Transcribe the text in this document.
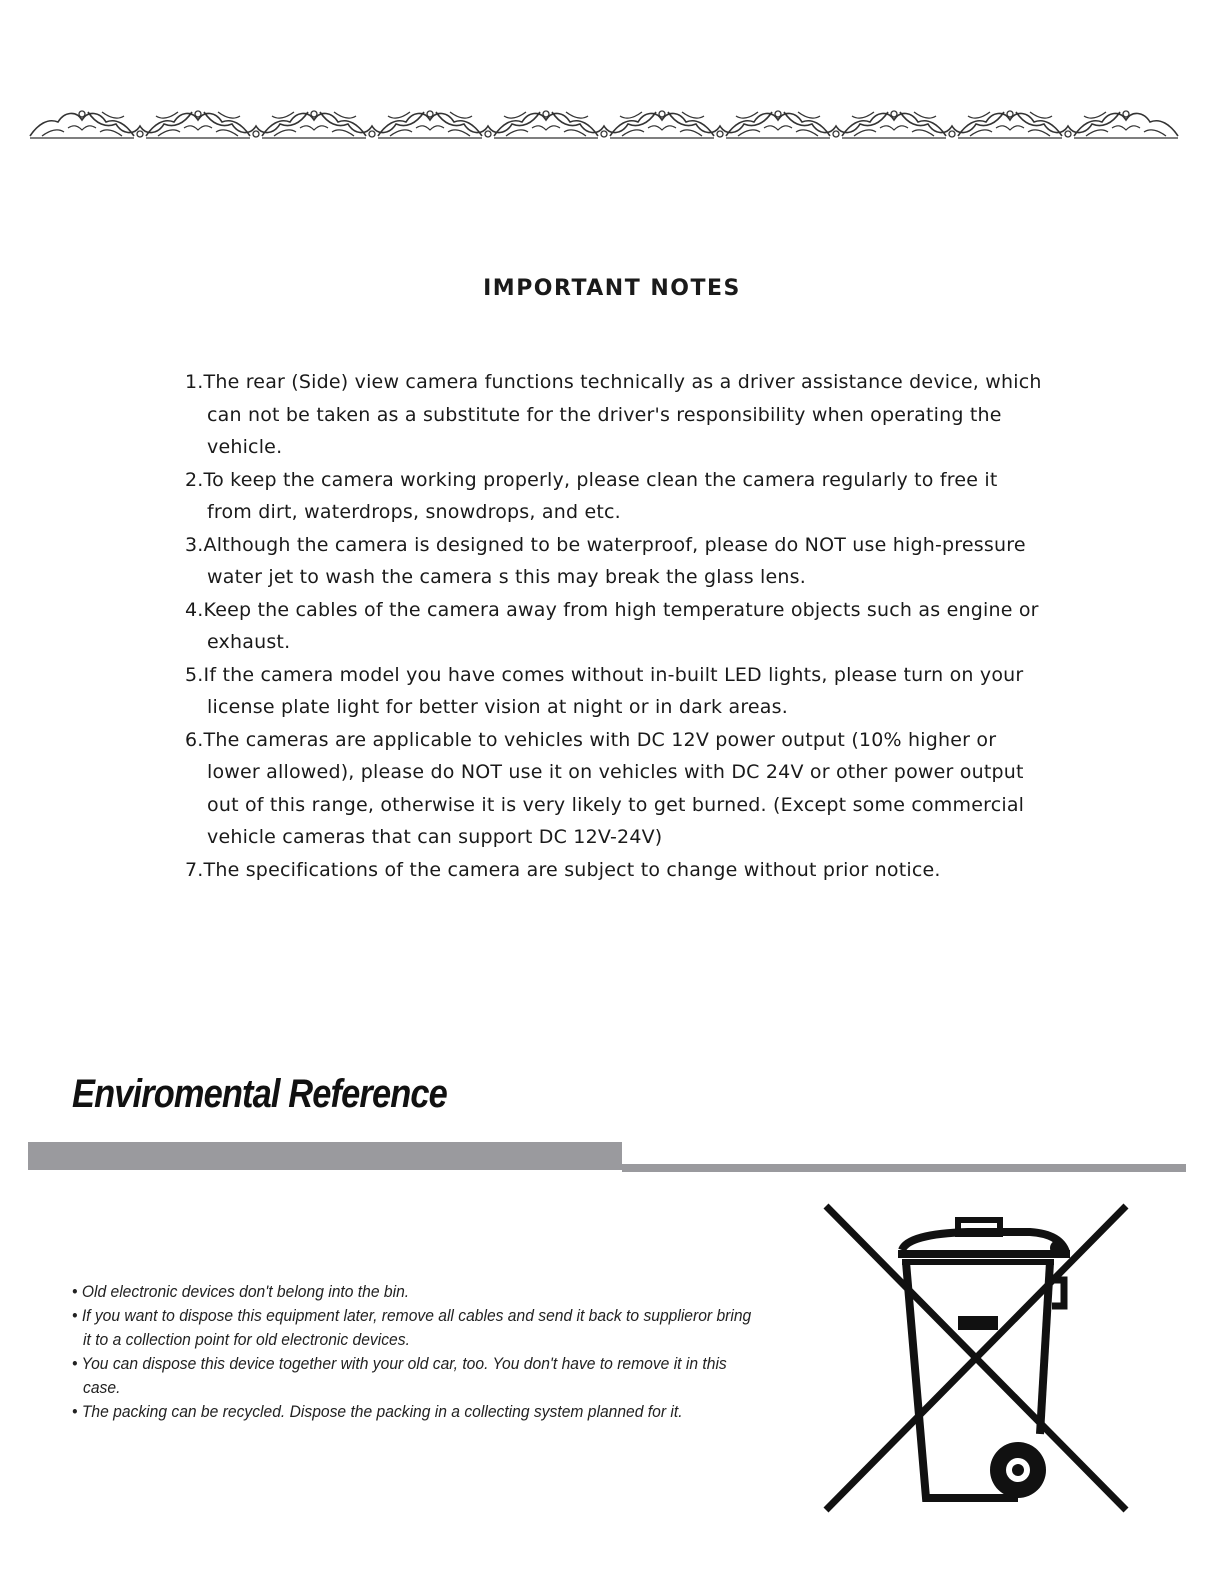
IMPORTANT NOTES
1.The rear (Side) view camera functions technically as a driver assistance device, which can not be taken as a substitute for the driver's responsibility when operating the vehicle.
2.To keep the camera working properly, please clean the camera regularly to free it from dirt, waterdrops, snowdrops, and etc.
3.Although the camera is designed to be waterproof, please do NOT use high-pressure water jet to wash the camera s this may break the glass lens.
4.Keep the cables of the camera away from high temperature objects such as engine or exhaust.
5.If the camera model you have comes without in-built LED lights, please turn on your license plate light for better vision at night or in dark areas.
6.The cameras are applicable to vehicles with DC 12V power output (10% higher or lower allowed), please do NOT use it on vehicles with DC 24V or other power output out of this range, otherwise it is very likely to get burned. (Except some commercial vehicle cameras that can support DC 12V-24V)
7.The specifications of the camera are subject to change without prior notice.
Enviromental Reference
• Old electronic devices don't belong into the bin.
• If you want to dispose this equipment later, remove all cables and send it back to supplieror bring it to a collection point for old electronic devices.
• You can dispose this device together with your old car, too. You don't have to remove it in this case.
• The packing can be recycled. Dispose the packing in a collecting system planned for it.
